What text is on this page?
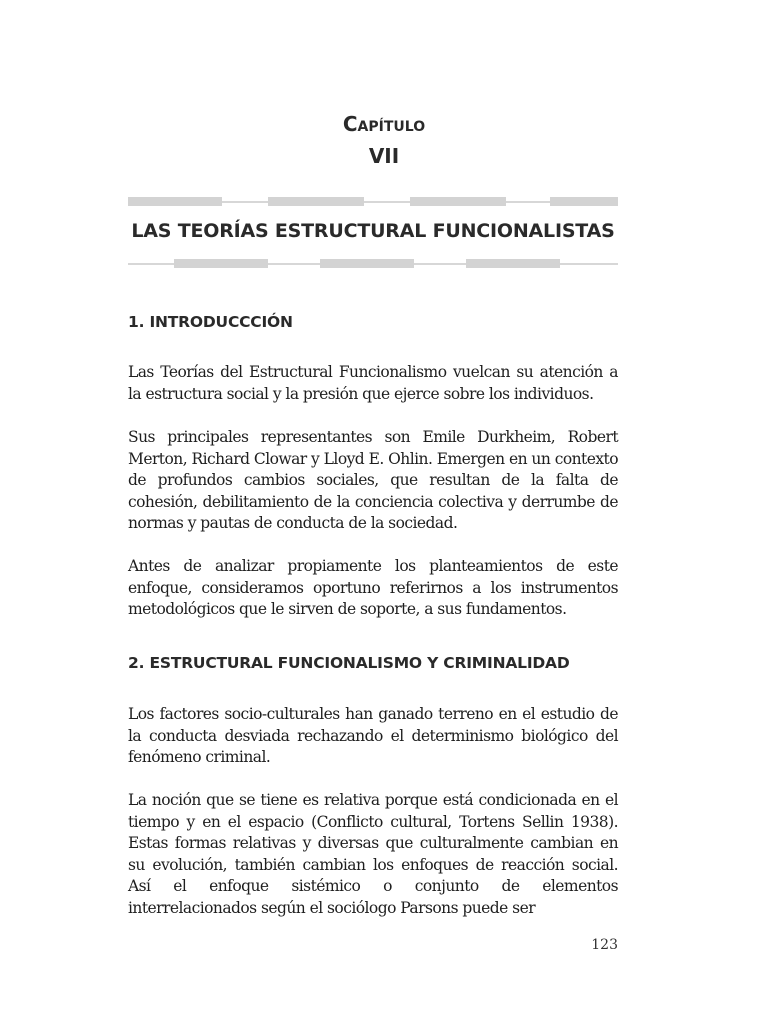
Capítulo
VII
LAS TEORÍAS ESTRUCTURAL FUNCIONALISTAS
1. INTRODUCCCIÓN

Las Teorías del Estructural Funcionalismo vuelcan su atención a la estructura social y la presión que ejerce sobre los individuos.

Sus principales representantes son Emile Durkheim, Robert Merton, Richard Clowar y Lloyd E. Ohlin. Emergen en un contexto de profundos cambios sociales, que resultan de la falta de cohesión, debilitamiento de la conciencia colectiva y derrumbe de normas y pautas de conducta de la sociedad.

Antes de analizar propiamente los planteamientos de este enfoque, consideramos oportuno referirnos a los instrumentos metodológicos que le sirven de soporte, a sus fundamentos.

2. ESTRUCTURAL FUNCIONALISMO Y CRIMINALIDAD

Los factores socio-culturales han ganado terreno en el estudio de la conducta desviada rechazando el determinismo biológico del fenómeno criminal.

La noción que se tiene es relativa porque está condicionada en el tiempo y en el espacio (Conflicto cultural, Tortens Sellin 1938). Estas formas relativas y diversas que culturalmente cambian en su evolución, también cambian los enfoques de reacción social. Así el enfoque sistémico o conjunto de elementos interrelacionados según el sociólogo Parsons puede ser

123
